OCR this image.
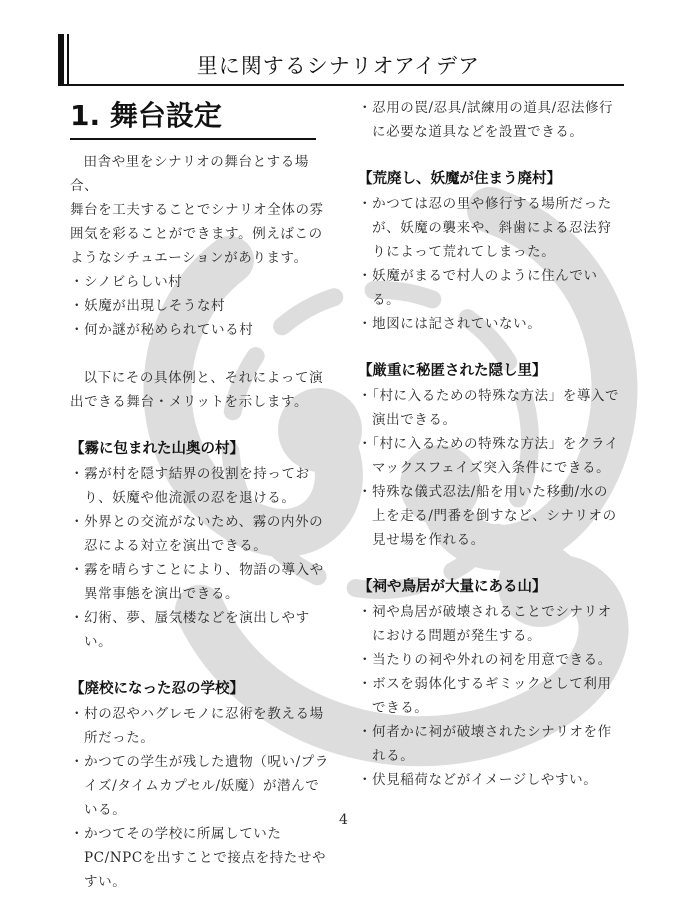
里に関するシナリオアイデア
1. 舞台設定

田舎や里をシナリオの舞台とする場合、
舞台を工夫することでシナリオ全体の雰
囲気を彩ることができます。例えばこの
ようなシチュエーションがあります。

・ シノビらしい村
・ 妖魔が出現しそうな村
・ 何か謎が秘められている村

以下にその具体例と、それによって演
出できる舞台・メリットを示します。

【霧に包まれた山奥の村】
・ 霧が村を隠す結界の役割を持っており、妖魔や他流派の忍を退ける。
・ 外界との交流がないため、霧の内外の忍による対立を演出できる。
・ 霧を晴らすことにより、物語の導入や異常事態を演出できる。
・ 幻術、夢、蜃気楼などを演出しやすい。
【廃校になった忍の学校】
・ 村の忍やハグレモノに忍術を教える場所だった。
・ かつての学生が残した遺物（呪い/プライズ/タイムカプセル/妖魔）が潜んでいる。
・ かつてその学校に所属していたPC/NPCを出すことで接点を持たせやすい。
・ 忍用の罠/忍具/試練用の道具/忍法修行に必要な道具などを設置できる。
【荒廃し、妖魔が住まう廃村】
・ かつては忍の里や修行する場所だったが、妖魔の襲来や、斜歯による忍法狩りによって荒れてしまった。
・ 妖魔がまるで村人のように住んでいる。
・ 地図には記されていない。
【厳重に秘匿された隠し里】
・ 「村に入るための特殊な方法」を導入で演出できる。
・ 「村に入るための特殊な方法」をクライマックスフェイズ突入条件にできる。
・ 特殊な儀式忍法/船を用いた移動/水の上を走る/門番を倒すなど、シナリオの見せ場を作れる。
【祠や鳥居が大量にある山】
・ 祠や鳥居が破壊されることでシナリオにおける問題が発生する。
・ 当たりの祠や外れの祠を用意できる。
・ ボスを弱体化するギミックとして利用できる。
・ 何者かに祠が破壊されたシナリオを作れる。
・ 伏見稲荷などがイメージしやすい。
4
